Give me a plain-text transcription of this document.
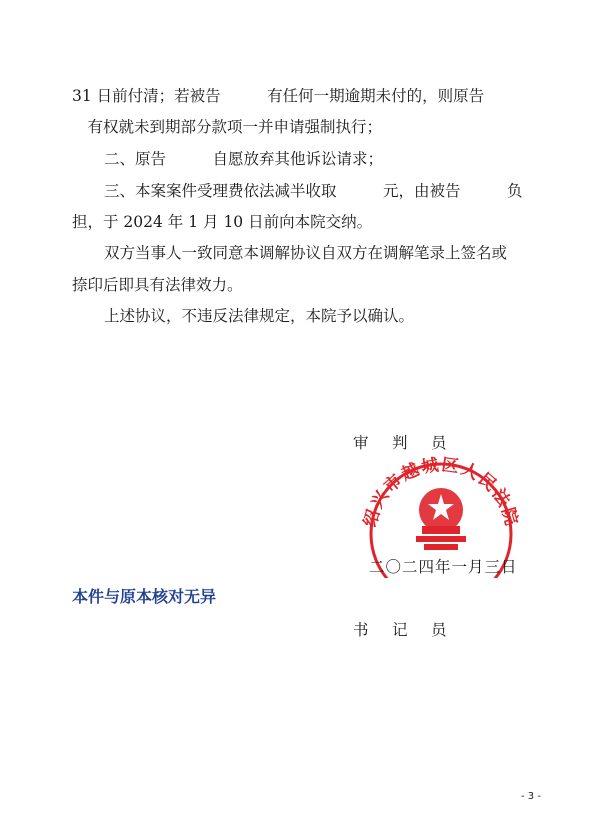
31 日前付清；若被告　　　有任何一期逾期未付的，则原告
　有权就未到期部分款项一并申请强制执行；
二、原告　　　自愿放弃其他诉讼请求；
三、本案案件受理费依法减半收取　　　元，由被告　　　负
担，于 2024 年 1 月 10 日前向本院交纳。
双方当事人一致同意本调解协议自双方在调解笔录上签名或
捺印后即具有法律效力。
上述协议，不违反法律规定，本院予以确认。
审　判　员
绍兴市越城区人民法院
二〇二四年一月三日
本件与原本核对无异
书　记　员
- 3 -
